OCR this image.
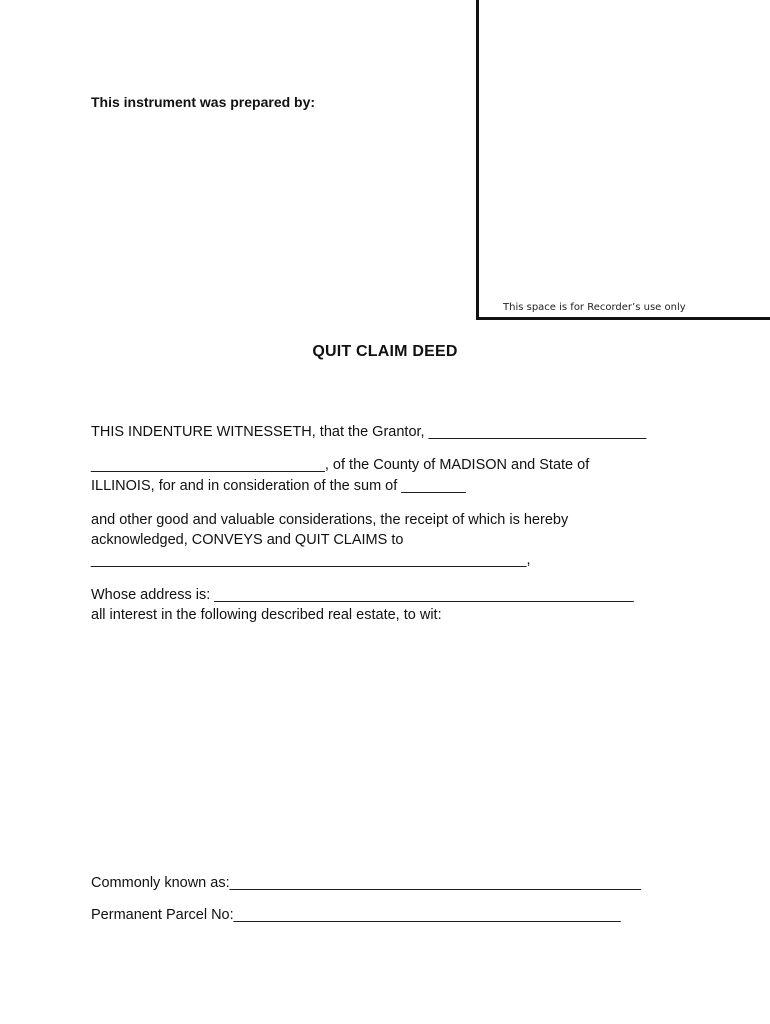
This space is for Recorder’s use only
This instrument was prepared by:
QUIT CLAIM DEED
THIS INDENTURE WITNESSETH, that the Grantor, ___________________________
_____________________________, of the County of MADISON and State of
ILLINOIS, for and in consideration of the sum of ________
and other good and valuable considerations, the receipt of which is hereby
acknowledged, CONVEYS and QUIT CLAIMS to
______________________________________________________,
Whose address is: ____________________________________________________
all interest in the following described real estate, to wit:
Commonly known as:___________________________________________________
Permanent Parcel No:________________________________________________
